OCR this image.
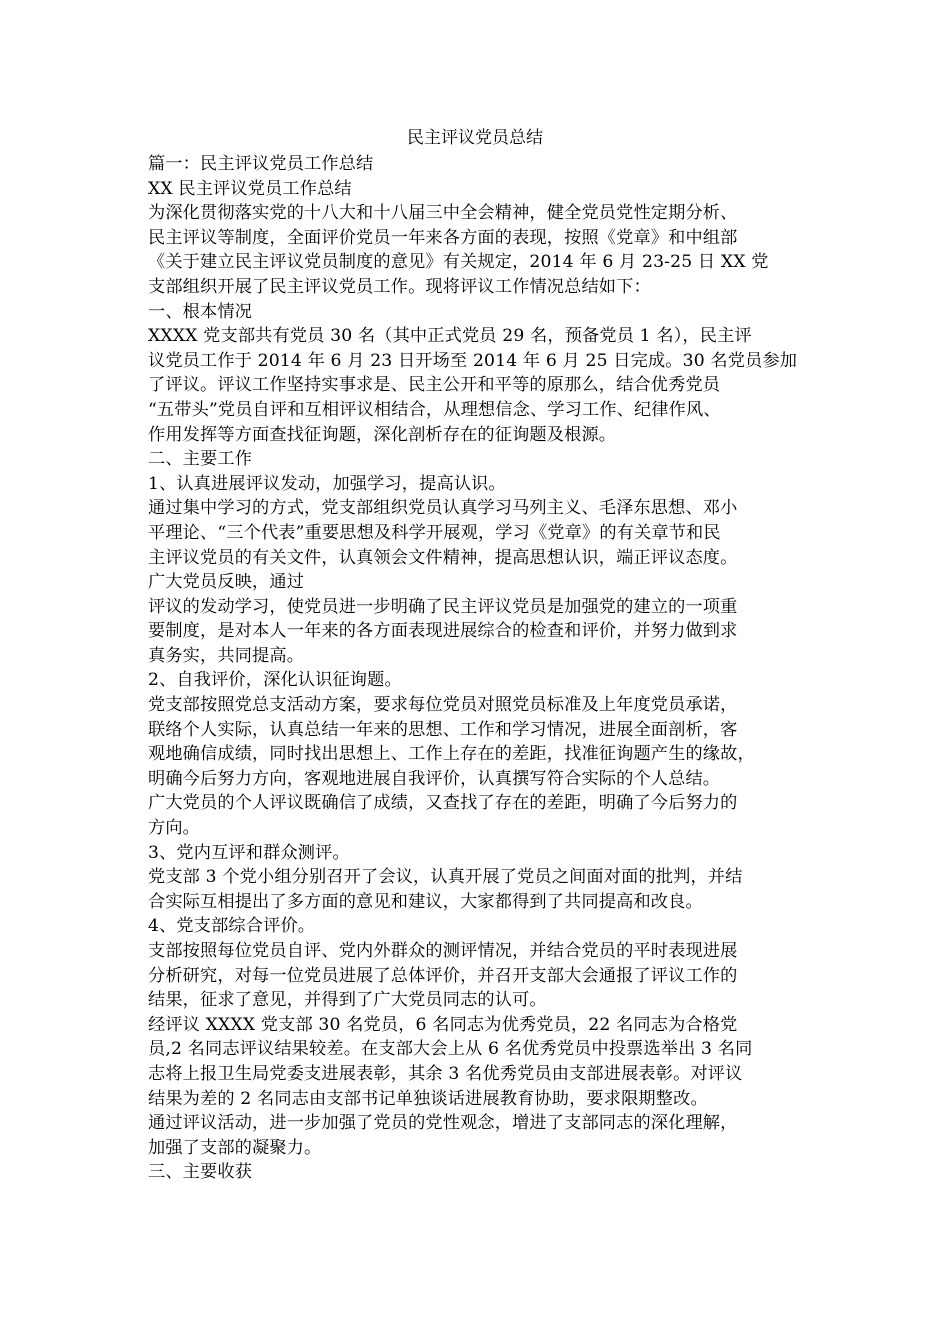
民主评议党员总结

篇一：民主评议党员工作总结

XX 民主评议党员工作总结

为深化贯彻落实党的十八大和十八届三中全会精神，健全党员党性定期分析、
民主评议等制度，全面评价党员一年来各方面的表现，按照《党章》和中组部
《关于建立民主评议党员制度的意见》有关规定，2014 年 6 月 23-25 日 XX 党
支部组织开展了民主评议党员工作。现将评议工作情况总结如下：

一、根本情况

XXXX 党支部共有党员 30 名（其中正式党员 29 名，预备党员 1 名），民主评
议党员工作于 2014 年 6 月 23 日开场至 2014 年 6 月 25 日完成。30 名党员参加
了评议。评议工作坚持实事求是、民主公开和平等的原那么，结合优秀党员
“五带头”党员自评和互相评议相结合，从理想信念、学习工作、纪律作风、
作用发挥等方面查找征询题，深化剖析存在的征询题及根源。

二、主要工作

1、认真进展评议发动，加强学习，提高认识。

通过集中学习的方式，党支部组织党员认真学习马列主义、毛泽东思想、邓小
平理论、“三个代表”重要思想及科学开展观，学习《党章》的有关章节和民
主评议党员的有关文件，认真领会文件精神，提高思想认识，端正评议态度。
广大党员反映，通过

评议的发动学习，使党员进一步明确了民主评议党员是加强党的建立的一项重
要制度，是对本人一年来的各方面表现进展综合的检查和评价，并努力做到求
真务实，共同提高。

2、自我评价，深化认识征询题。

党支部按照党总支活动方案，要求每位党员对照党员标准及上年度党员承诺，
联络个人实际，认真总结一年来的思想、工作和学习情况，进展全面剖析，客
观地确信成绩，同时找出思想上、工作上存在的差距，找准征询题产生的缘故，
明确今后努力方向，客观地进展自我评价，认真撰写符合实际的个人总结。

广大党员的个人评议既确信了成绩，又查找了存在的差距，明确了今后努力的
方向。

3、党内互评和群众测评。

党支部 3 个党小组分别召开了会议，认真开展了党员之间面对面的批判，并结
合实际互相提出了多方面的意见和建议，大家都得到了共同提高和改良。

4、党支部综合评价。

支部按照每位党员自评、党内外群众的测评情况，并结合党员的平时表现进展
分析研究，对每一位党员进展了总体评价，并召开支部大会通报了评议工作的
结果，征求了意见，并得到了广大党员同志的认可。

经评议 XXXX 党支部 30 名党员，6 名同志为优秀党员，22 名同志为合格党
员,2 名同志评议结果较差。在支部大会上从 6 名优秀党员中投票选举出 3 名同
志将上报卫生局党委支进展表彰，其余 3 名优秀党员由支部进展表彰。对评议
结果为差的 2 名同志由支部书记单独谈话进展教育协助，要求限期整改。

通过评议活动，进一步加强了党员的党性观念，增进了支部同志的深化理解，
加强了支部的凝聚力。

三、主要收获
